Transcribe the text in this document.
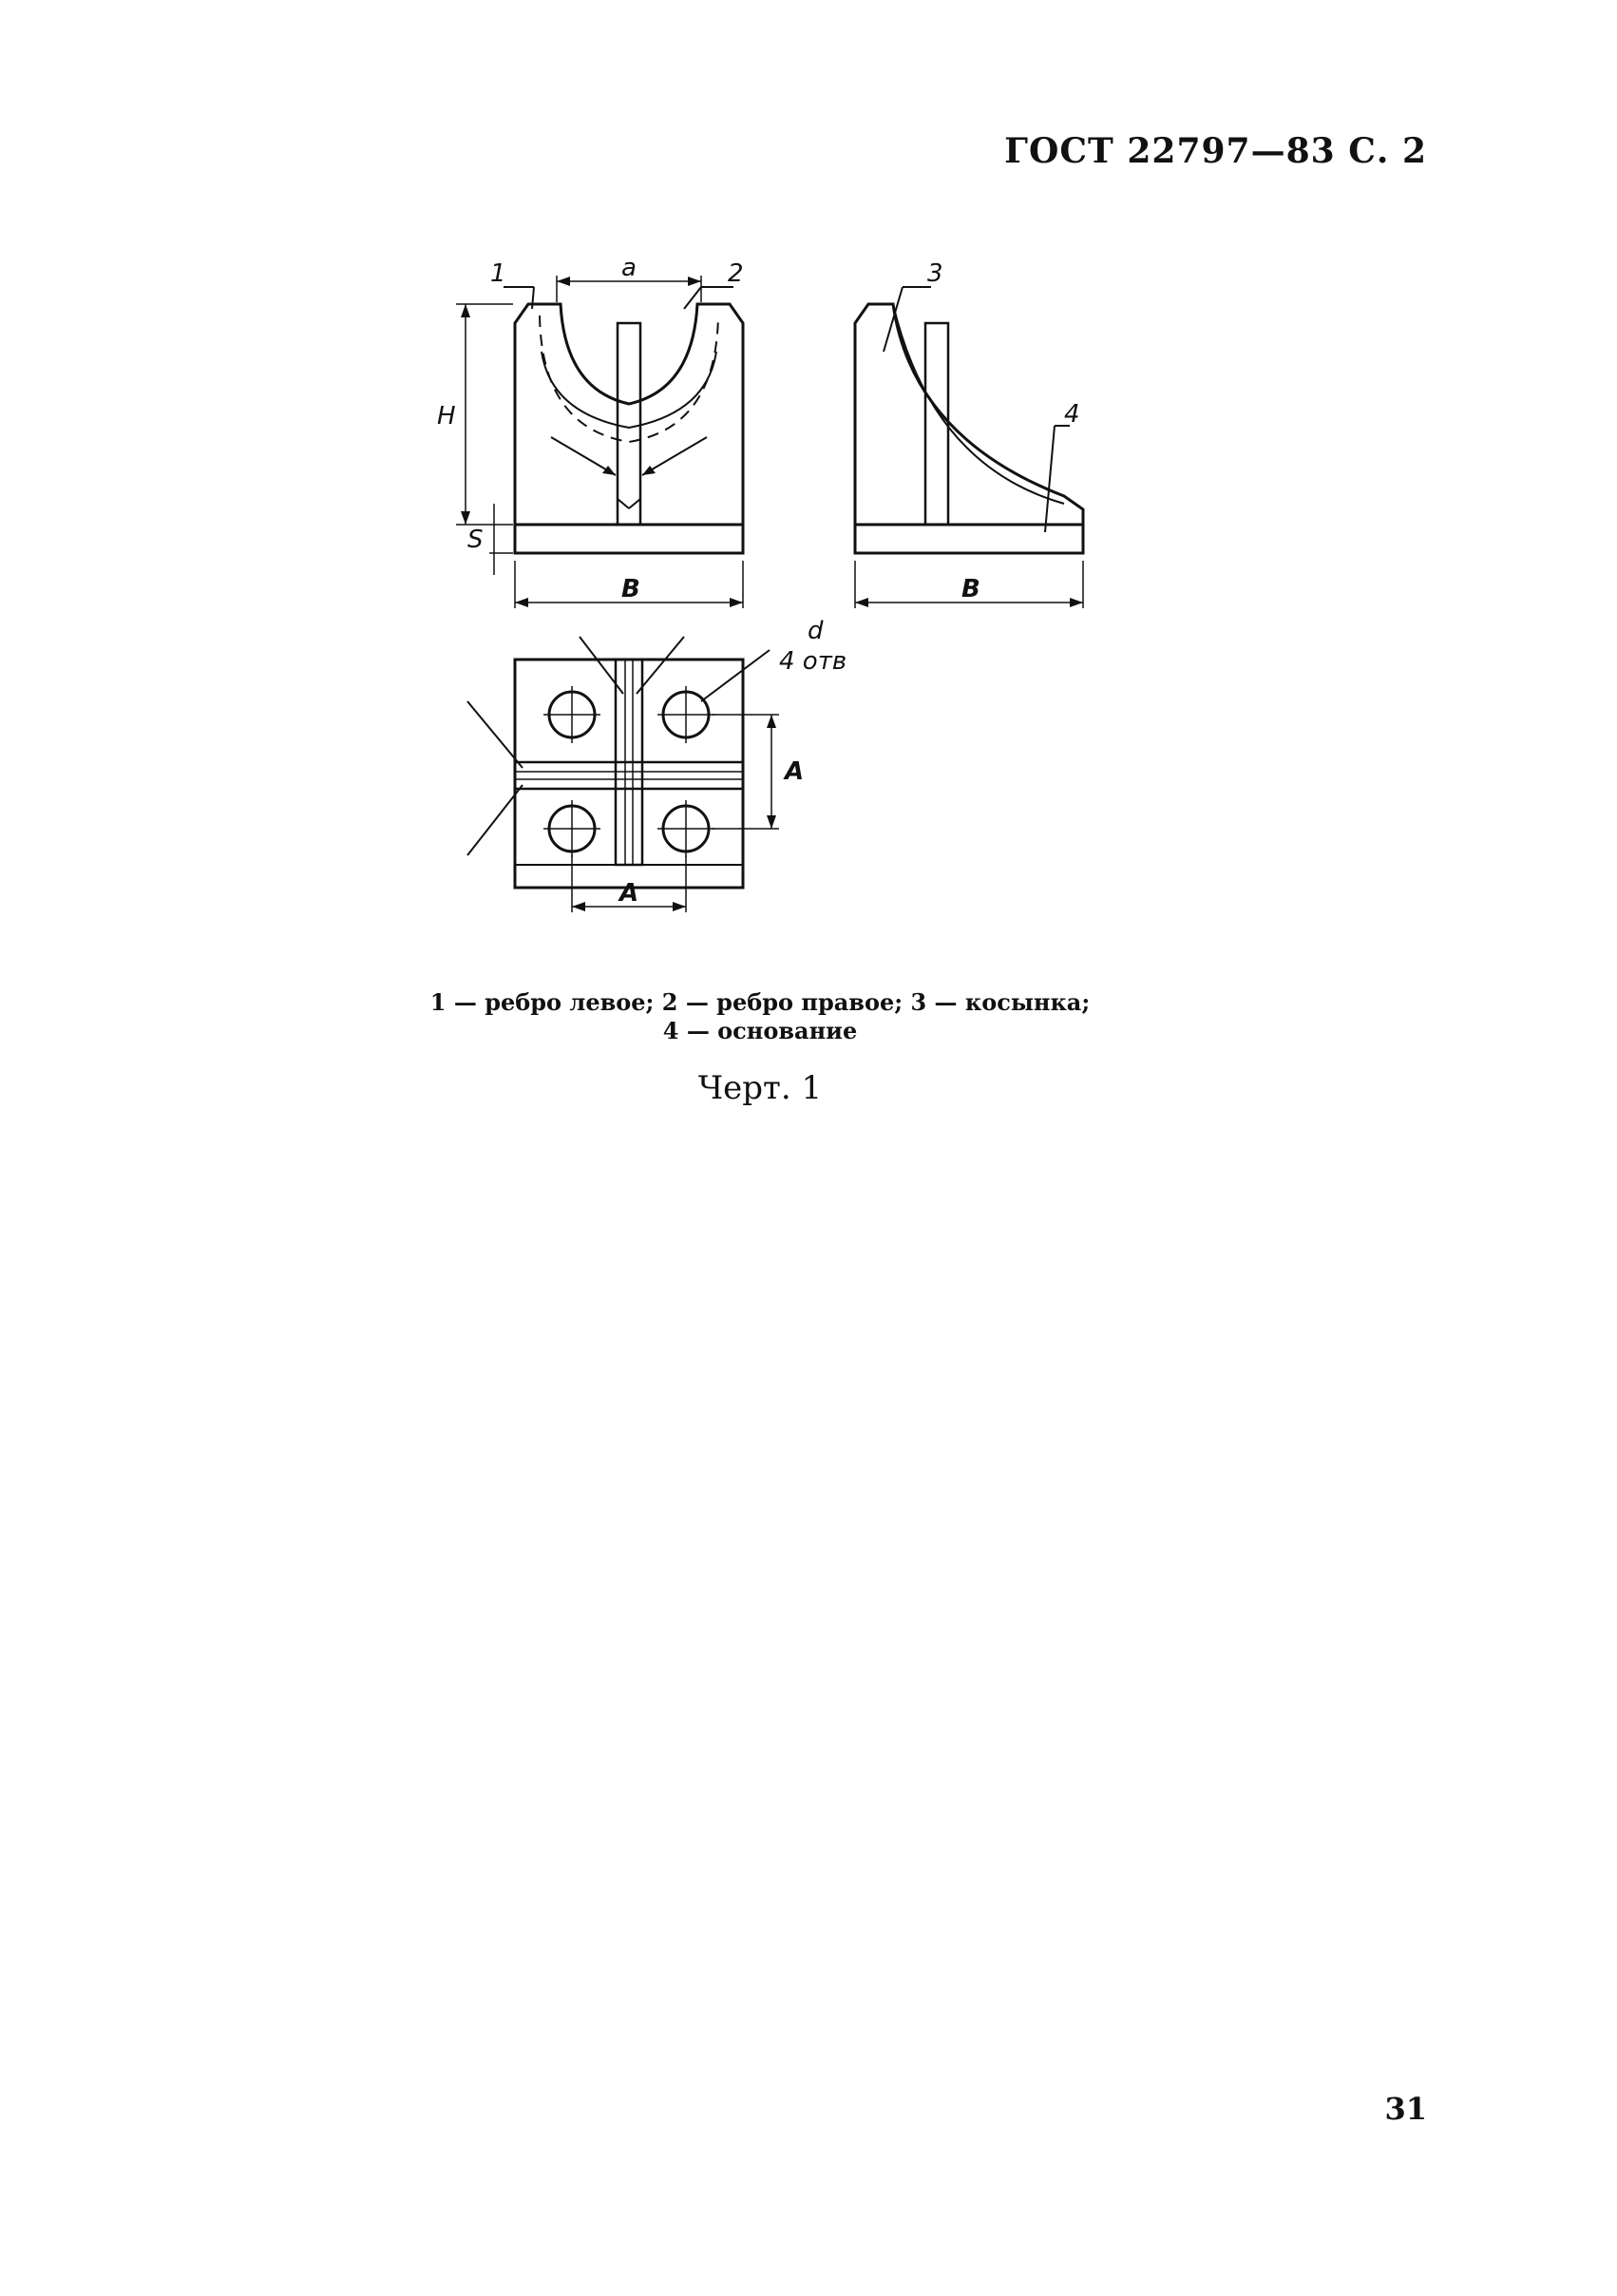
ГОСТ 22797—83 С. 2
1	2	3
4
a
H
S
B	B
d
4 отв
A
A
1 — ребро левое; 2 — ребро правое; 3 — косынка;
4 — основание
Черт. 1
31
